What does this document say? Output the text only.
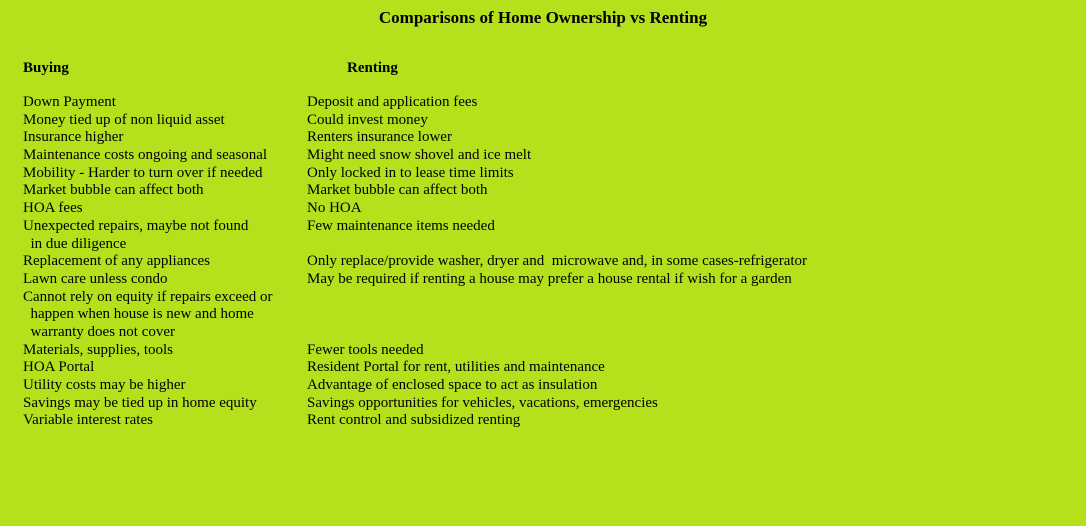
Comparisons of Home Ownership vs Renting
Buying	Renting
Down Payment	Deposit and application fees
Money tied up of non liquid asset	Could invest money
Insurance higher	Renters insurance lower
Maintenance costs ongoing and seasonal	Might need snow shovel and ice melt
Mobility - Harder to turn over if needed	Only locked in to lease time limits
Market bubble can affect both	Market bubble can affect both
HOA fees	No HOA
Unexpected repairs, maybe not found	Few maintenance items needed
in due diligence
Replacement of any appliances	Only replace/provide washer, dryer and  microwave and, in some cases-refrigerator
Lawn care unless condo	May be required if renting a house may prefer a house rental if wish for a garden
Cannot rely on equity if repairs exceed or
happen when house is new and home
warranty does not cover
Materials, supplies, tools	Fewer tools needed
HOA Portal	Resident Portal for rent, utilities and maintenance
Utility costs may be higher	Advantage of enclosed space to act as insulation
Savings may be tied up in home equity	Savings opportunities for vehicles, vacations, emergencies
Variable interest rates	Rent control and subsidized renting
